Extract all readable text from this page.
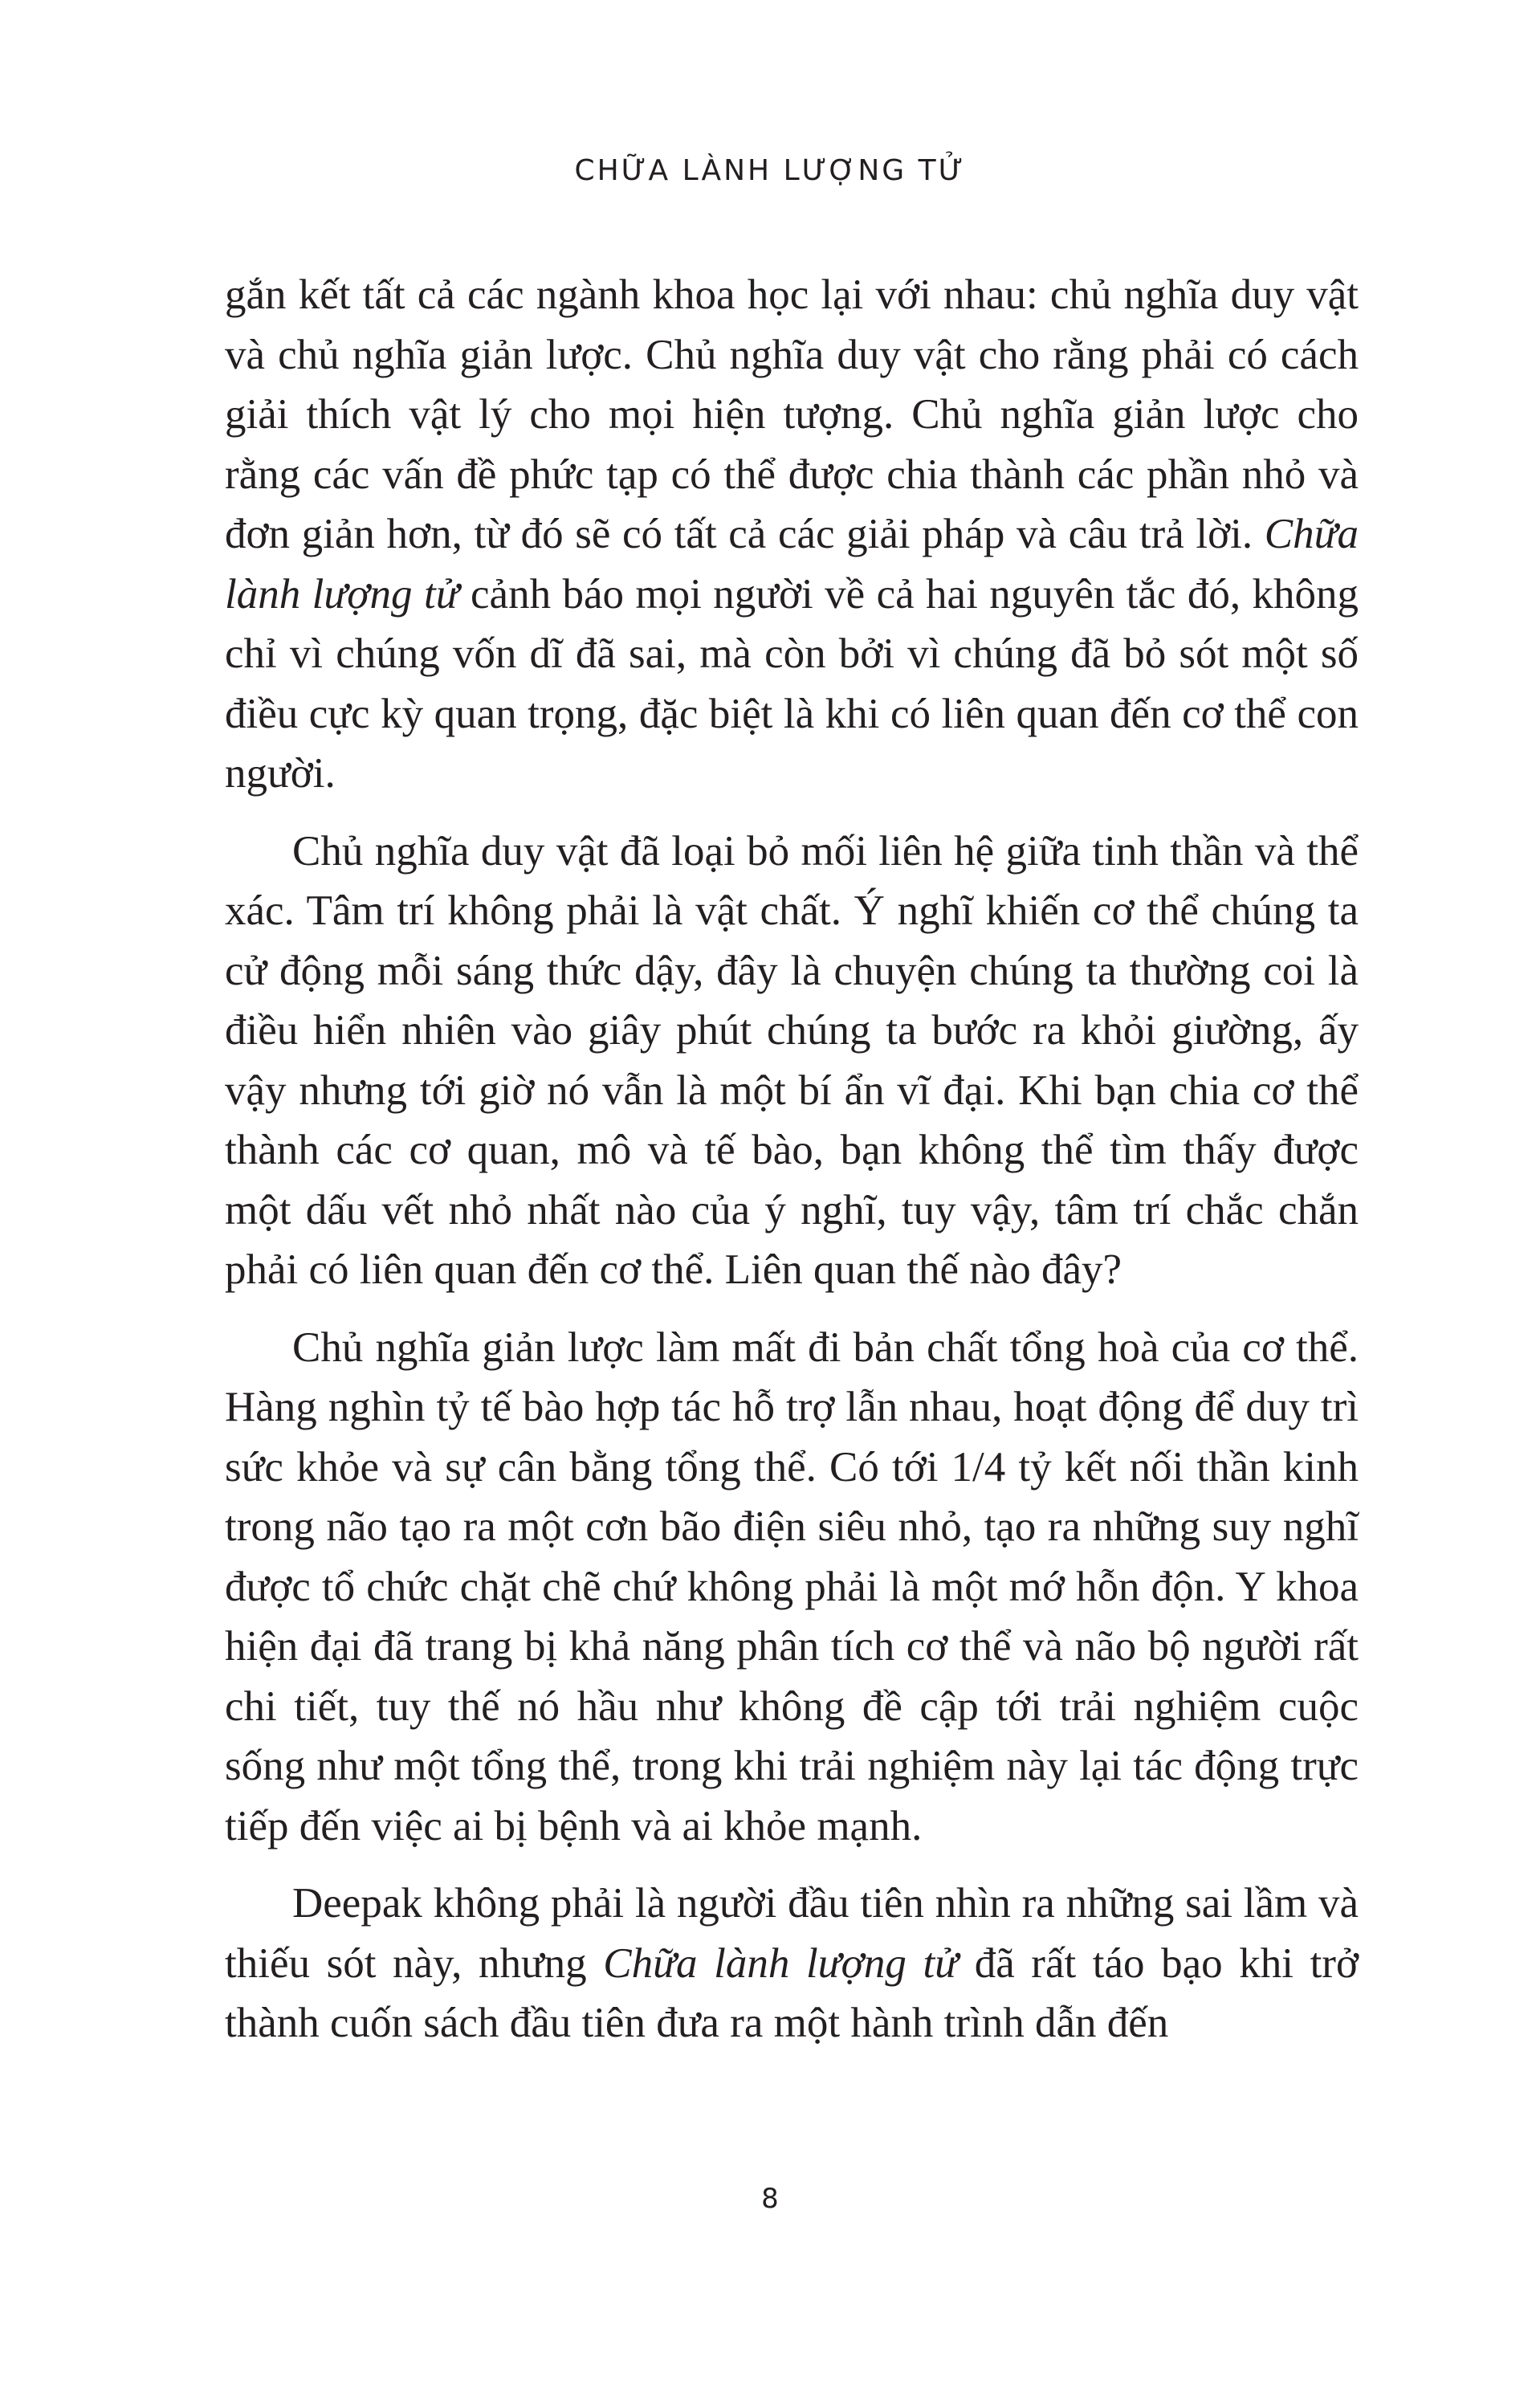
CHỮA LÀNH LƯỢNG TỬ

gắn kết tất cả các ngành khoa học lại với nhau: chủ nghĩa duy vật và chủ nghĩa giản lược. Chủ nghĩa duy vật cho rằng phải có cách giải thích vật lý cho mọi hiện tượng. Chủ nghĩa giản lược cho rằng các vấn đề phức tạp có thể được chia thành các phần nhỏ và đơn giản hơn, từ đó sẽ có tất cả các giải pháp và câu trả lời. Chữa lành lượng tử cảnh báo mọi người về cả hai nguyên tắc đó, không chỉ vì chúng vốn dĩ đã sai, mà còn bởi vì chúng đã bỏ sót một số điều cực kỳ quan trọng, đặc biệt là khi có liên quan đến cơ thể con người.

Chủ nghĩa duy vật đã loại bỏ mối liên hệ giữa tinh thần và thể xác. Tâm trí không phải là vật chất. Ý nghĩ khiến cơ thể chúng ta cử động mỗi sáng thức dậy, đây là chuyện chúng ta thường coi là điều hiển nhiên vào giây phút chúng ta bước ra khỏi giường, ấy vậy nhưng tới giờ nó vẫn là một bí ẩn vĩ đại. Khi bạn chia cơ thể thành các cơ quan, mô và tế bào, bạn không thể tìm thấy được một dấu vết nhỏ nhất nào của ý nghĩ, tuy vậy, tâm trí chắc chắn phải có liên quan đến cơ thể. Liên quan thế nào đây?

Chủ nghĩa giản lược làm mất đi bản chất tổng hoà của cơ thể. Hàng nghìn tỷ tế bào hợp tác hỗ trợ lẫn nhau, hoạt động để duy trì sức khỏe và sự cân bằng tổng thể. Có tới 1/4 tỷ kết nối thần kinh trong não tạo ra một cơn bão điện siêu nhỏ, tạo ra những suy nghĩ được tổ chức chặt chẽ chứ không phải là một mớ hỗn độn. Y khoa hiện đại đã trang bị khả năng phân tích cơ thể và não bộ người rất chi tiết, tuy thế nó hầu như không đề cập tới trải nghiệm cuộc sống như một tổng thể, trong khi trải nghiệm này lại tác động trực tiếp đến việc ai bị bệnh và ai khỏe mạnh.

Deepak không phải là người đầu tiên nhìn ra những sai lầm và thiếu sót này, nhưng Chữa lành lượng tử đã rất táo bạo khi trở thành cuốn sách đầu tiên đưa ra một hành trình dẫn đến

8
